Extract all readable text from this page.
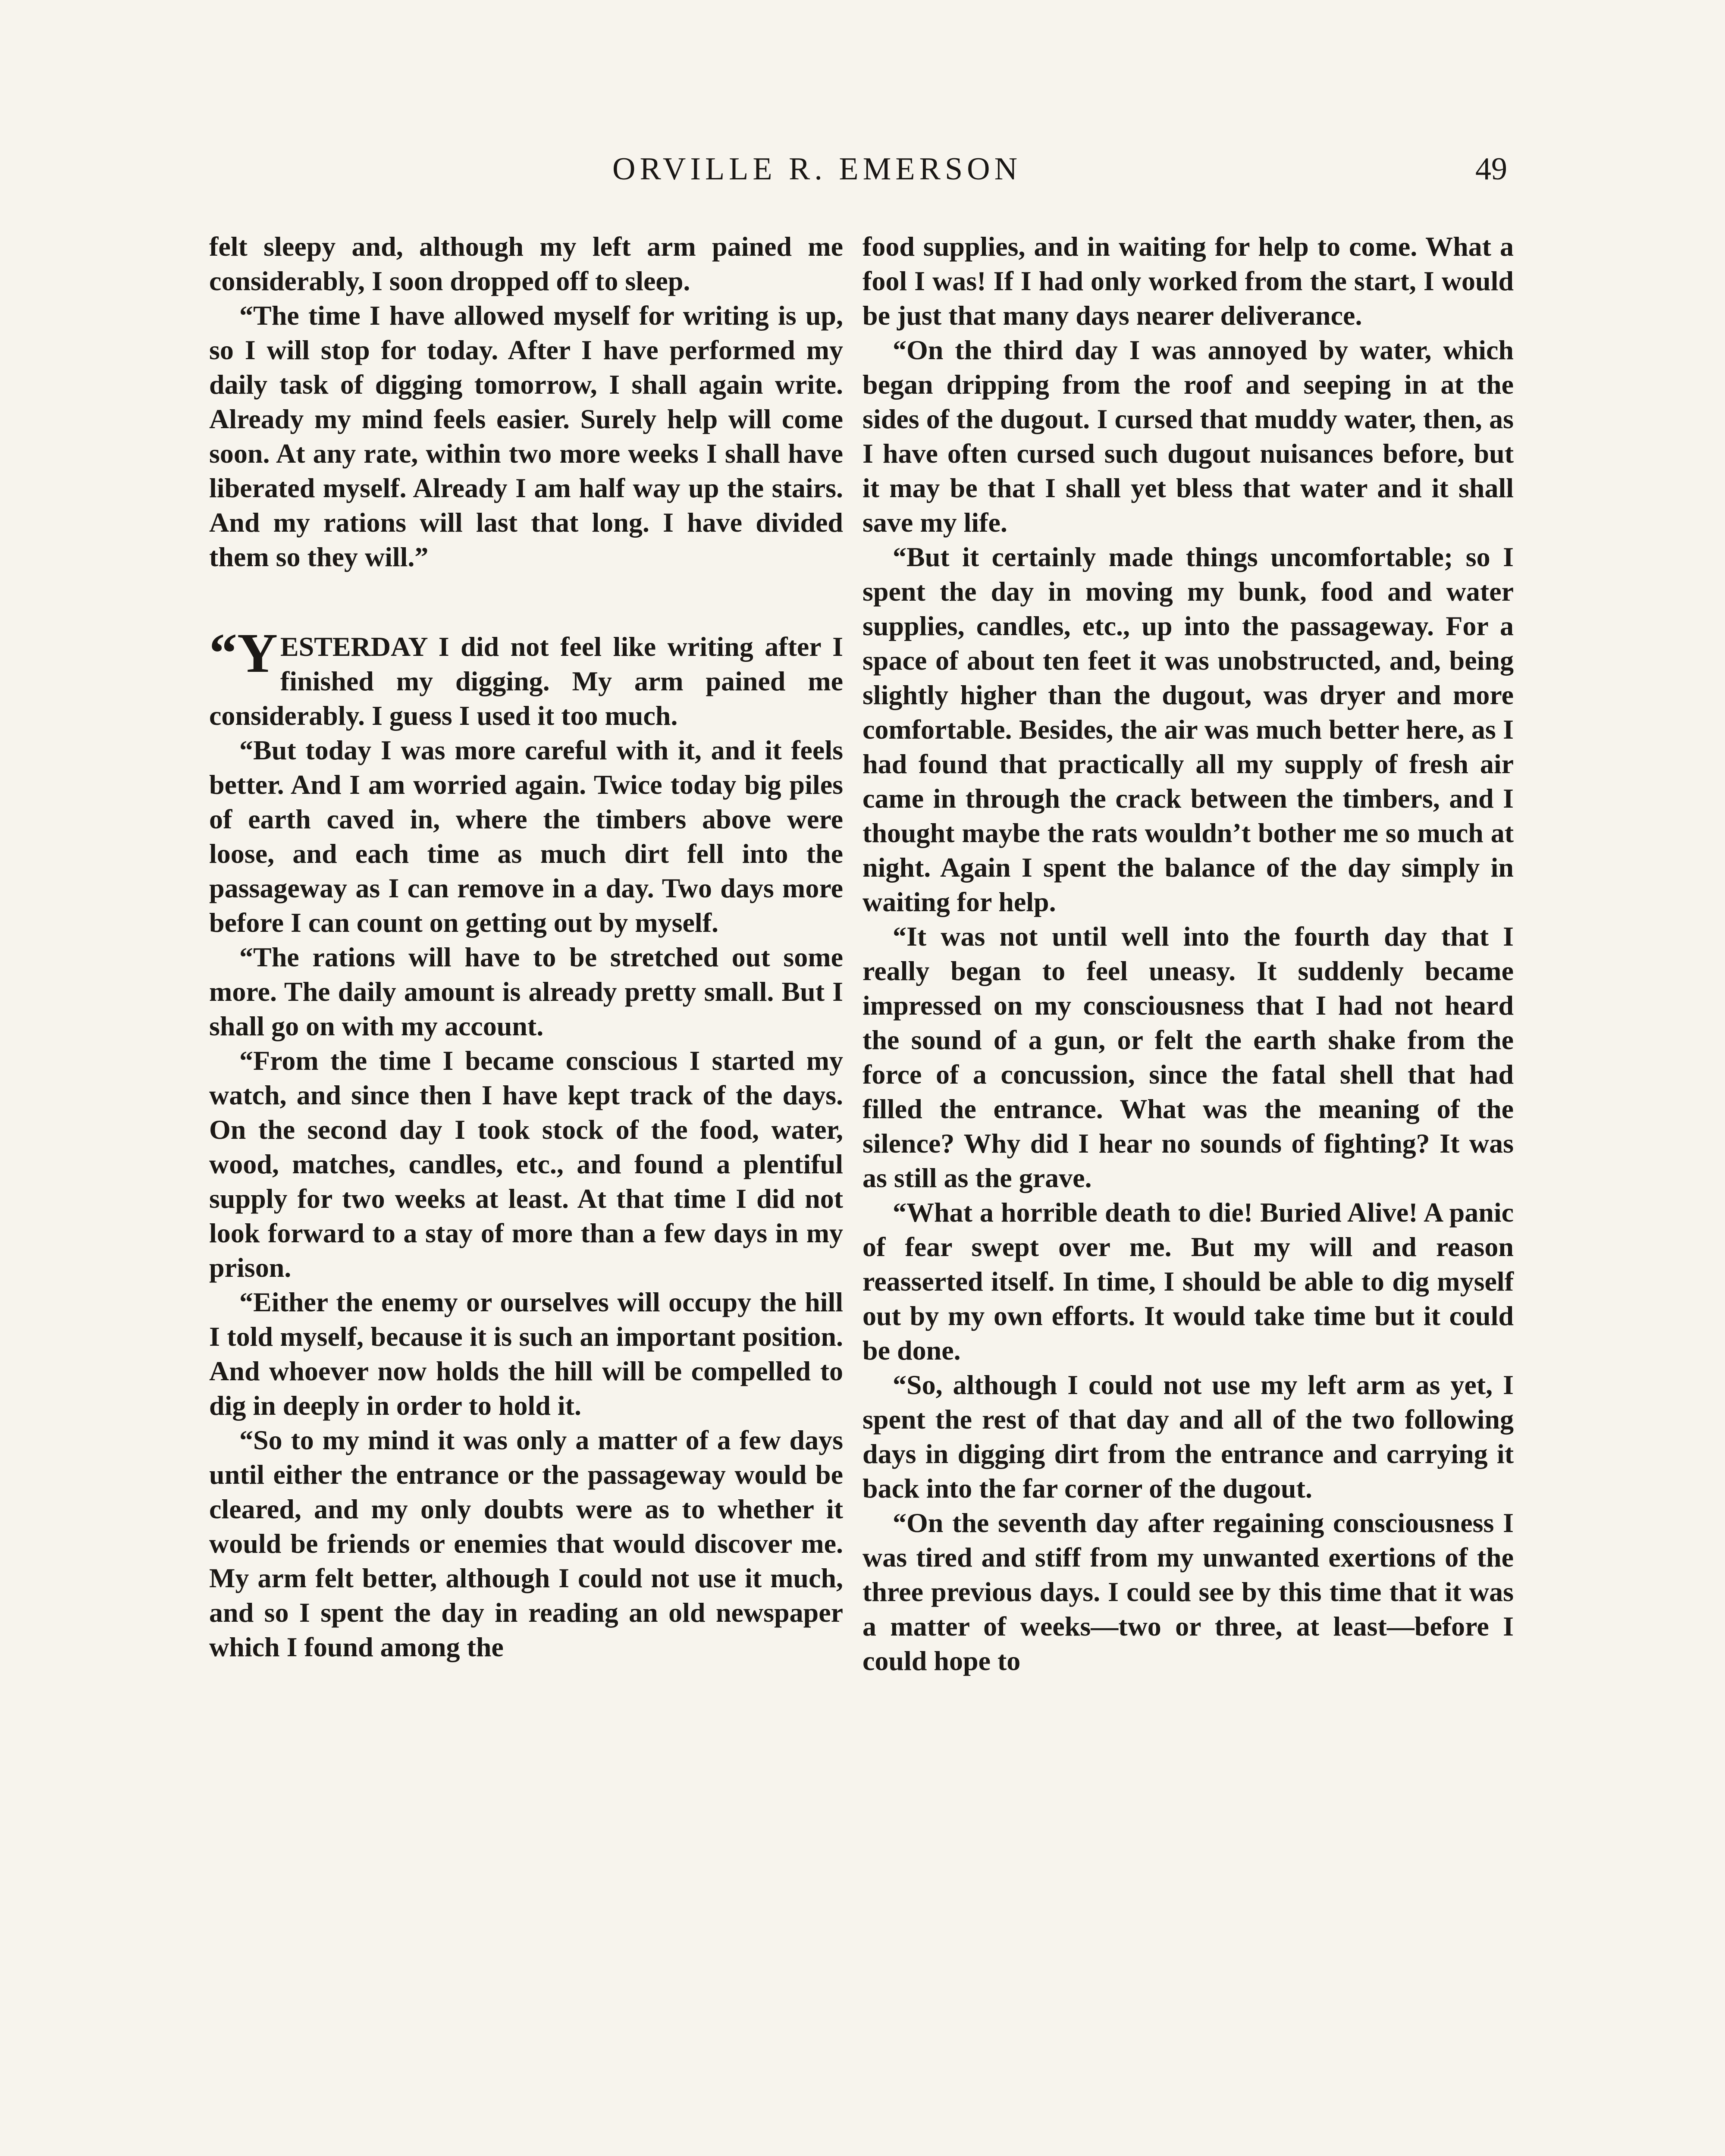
ORVILLE R. EMERSON	49

felt sleepy and, although my left arm pained me considerably, I soon dropped off to sleep.

“The time I have allowed myself for writing is up, so I will stop for today. After I have performed my daily task of digging tomorrow, I shall again write. Already my mind feels easier. Surely help will come soon. At any rate, within two more weeks I shall have liberated myself. Already I am half way up the stairs. And my rations will last that long. I have divided them so they will.”

“YESTERDAY I did not feel like writing after I finished my digging. My arm pained me considerably. I guess I used it too much.

“But today I was more careful with it, and it feels better. And I am worried again. Twice today big piles of earth caved in, where the timbers above were loose, and each time as much dirt fell into the passageway as I can remove in a day. Two days more before I can count on getting out by myself.

“The rations will have to be stretched out some more. The daily amount is already pretty small. But I shall go on with my account.

“From the time I became conscious I started my watch, and since then I have kept track of the days. On the second day I took stock of the food, water, wood, matches, candles, etc., and found a plentiful supply for two weeks at least. At that time I did not look forward to a stay of more than a few days in my prison.

“Either the enemy or ourselves will occupy the hill I told myself, because it is such an important position. And whoever now holds the hill will be compelled to dig in deeply in order to hold it.

“So to my mind it was only a matter of a few days until either the entrance or the passageway would be cleared, and my only doubts were as to whether it would be friends or enemies that would discover me. My arm felt better, although I could not use it much, and so I spent the day in reading an old newspaper which I found among the

food supplies, and in waiting for help to come. What a fool I was! If I had only worked from the start, I would be just that many days nearer deliverance.

“On the third day I was annoyed by water, which began dripping from the roof and seeping in at the sides of the dugout. I cursed that muddy water, then, as I have often cursed such dugout nuisances before, but it may be that I shall yet bless that water and it shall save my life.

“But it certainly made things uncomfortable; so I spent the day in moving my bunk, food and water supplies, candles, etc., up into the passageway. For a space of about ten feet it was unobstructed, and, being slightly higher than the dugout, was dryer and more comfortable. Besides, the air was much better here, as I had found that practically all my supply of fresh air came in through the crack between the timbers, and I thought maybe the rats wouldn’t bother me so much at night. Again I spent the balance of the day simply in waiting for help.

“It was not until well into the fourth day that I really began to feel uneasy. It suddenly became impressed on my consciousness that I had not heard the sound of a gun, or felt the earth shake from the force of a concussion, since the fatal shell that had filled the entrance. What was the meaning of the silence? Why did I hear no sounds of fighting? It was as still as the grave.

“What a horrible death to die! Buried Alive! A panic of fear swept over me. But my will and reason reasserted itself. In time, I should be able to dig myself out by my own efforts. It would take time but it could be done.

“So, although I could not use my left arm as yet, I spent the rest of that day and all of the two following days in digging dirt from the entrance and carrying it back into the far corner of the dugout.

“On the seventh day after regaining consciousness I was tired and stiff from my unwanted exertions of the three previous days. I could see by this time that it was a matter of weeks—two or three, at least—before I could hope to
